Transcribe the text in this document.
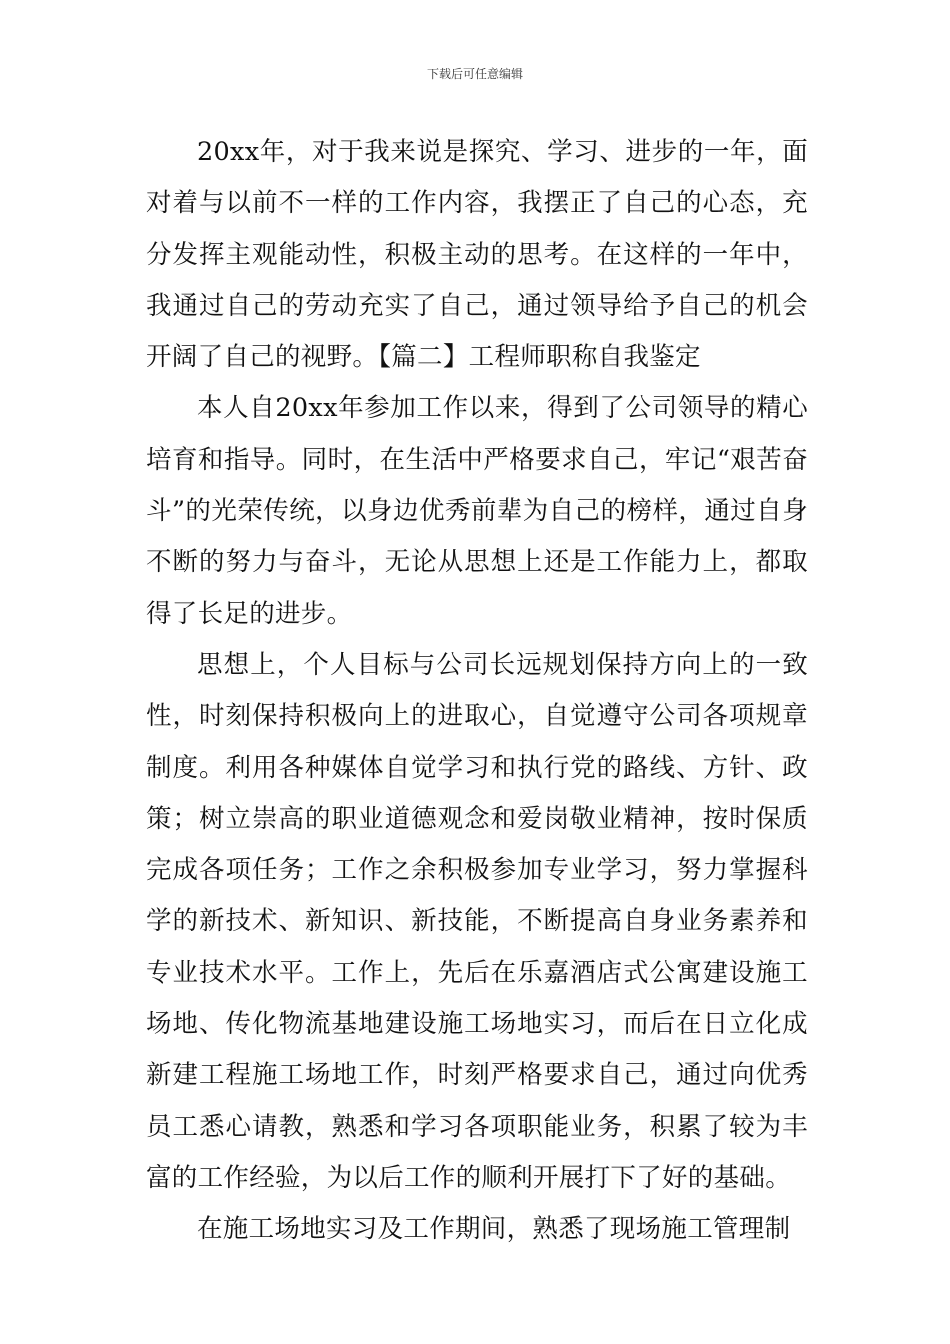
下载后可任意编辑

20xx年，对于我来说是探究、学习、进步的一年，面对着与以前不一样的工作内容，我摆正了自己的心态，充分发挥主观能动性，积极主动的思考。在这样的一年中，我通过自己的劳动充实了自己，通过领导给予自己的机会开阔了自己的视野。【篇二】工程师职称自我鉴定

本人自20xx年参加工作以来，得到了公司领导的精心培育和指导。同时，在生活中严格要求自己，牢记“艰苦奋斗”的光荣传统，以身边优秀前辈为自己的榜样，通过自身不断的努力与奋斗，无论从思想上还是工作能力上，都取得了长足的进步。

思想上，个人目标与公司长远规划保持方向上的一致性，时刻保持积极向上的进取心，自觉遵守公司各项规章制度。利用各种媒体自觉学习和执行党的路线、方针、政策；树立崇高的职业道德观念和爱岗敬业精神，按时保质完成各项任务；工作之余积极参加专业学习，努力掌握科学的新技术、新知识、新技能，不断提高自身业务素养和专业技术水平。工作上，先后在乐嘉酒店式公寓建设施工场地、传化物流基地建设施工场地实习，而后在日立化成新建工程施工场地工作，时刻严格要求自己，通过向优秀员工悉心请教，熟悉和学习各项职能业务，积累了较为丰富的工作经验，为以后工作的顺利开展打下了好的基础。

在施工场地实习及工作期间，熟悉了现场施工管理制
